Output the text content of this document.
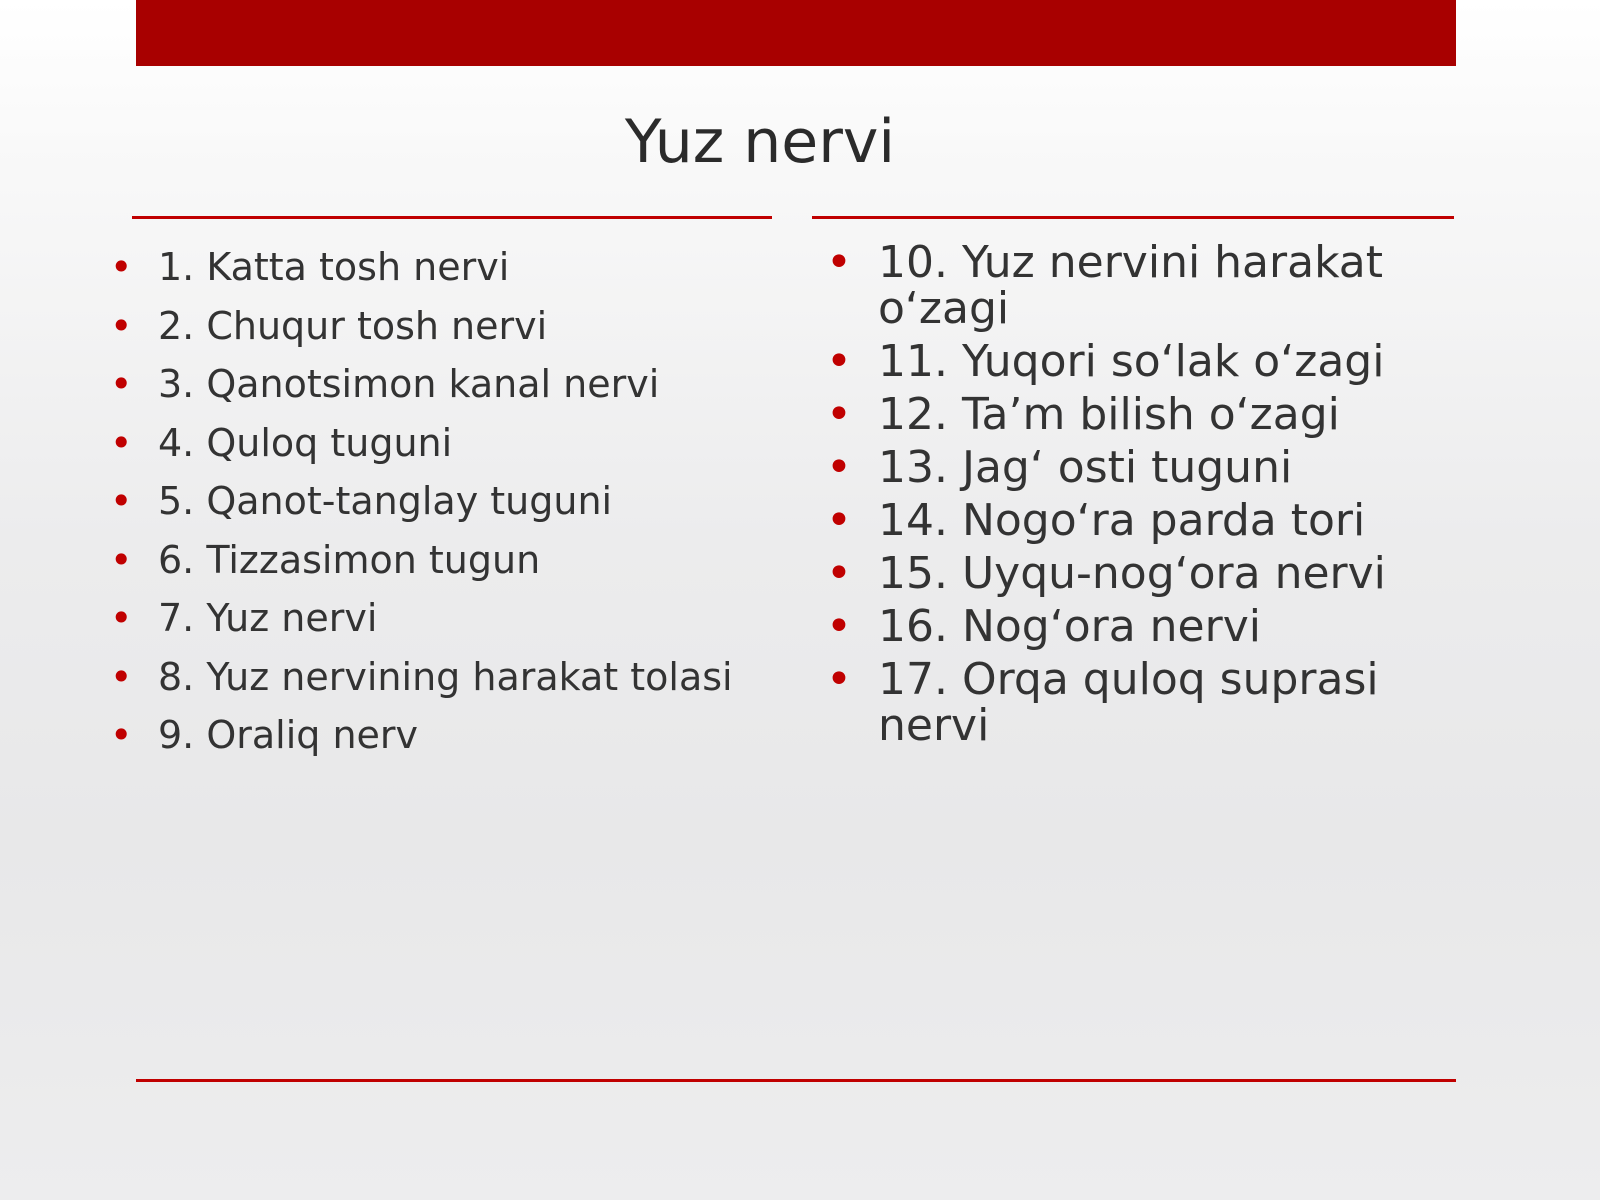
Yuz nervi
• 1. Katta tosh nervi
• 2. Chuqur tosh nervi
• 3. Qanotsimon kanal nervi
• 4. Quloq tuguni
• 5. Qanot-tanglay tuguni
• 6. Tizzasimon tugun
• 7. Yuz nervi
• 8. Yuz nervining harakat tolasi
• 9. Oraliq nerv
• 10. Yuz nervini harakat o‘zagi
• 11. Yuqori so‘lak o‘zagi
• 12. Ta’m bilish o‘zagi
• 13. Jag‘ osti tuguni
• 14. Nogo‘ra parda tori
• 15. Uyqu-nog‘ora nervi
• 16. Nog‘ora nervi
• 17. Orqa quloq suprasi nervi
